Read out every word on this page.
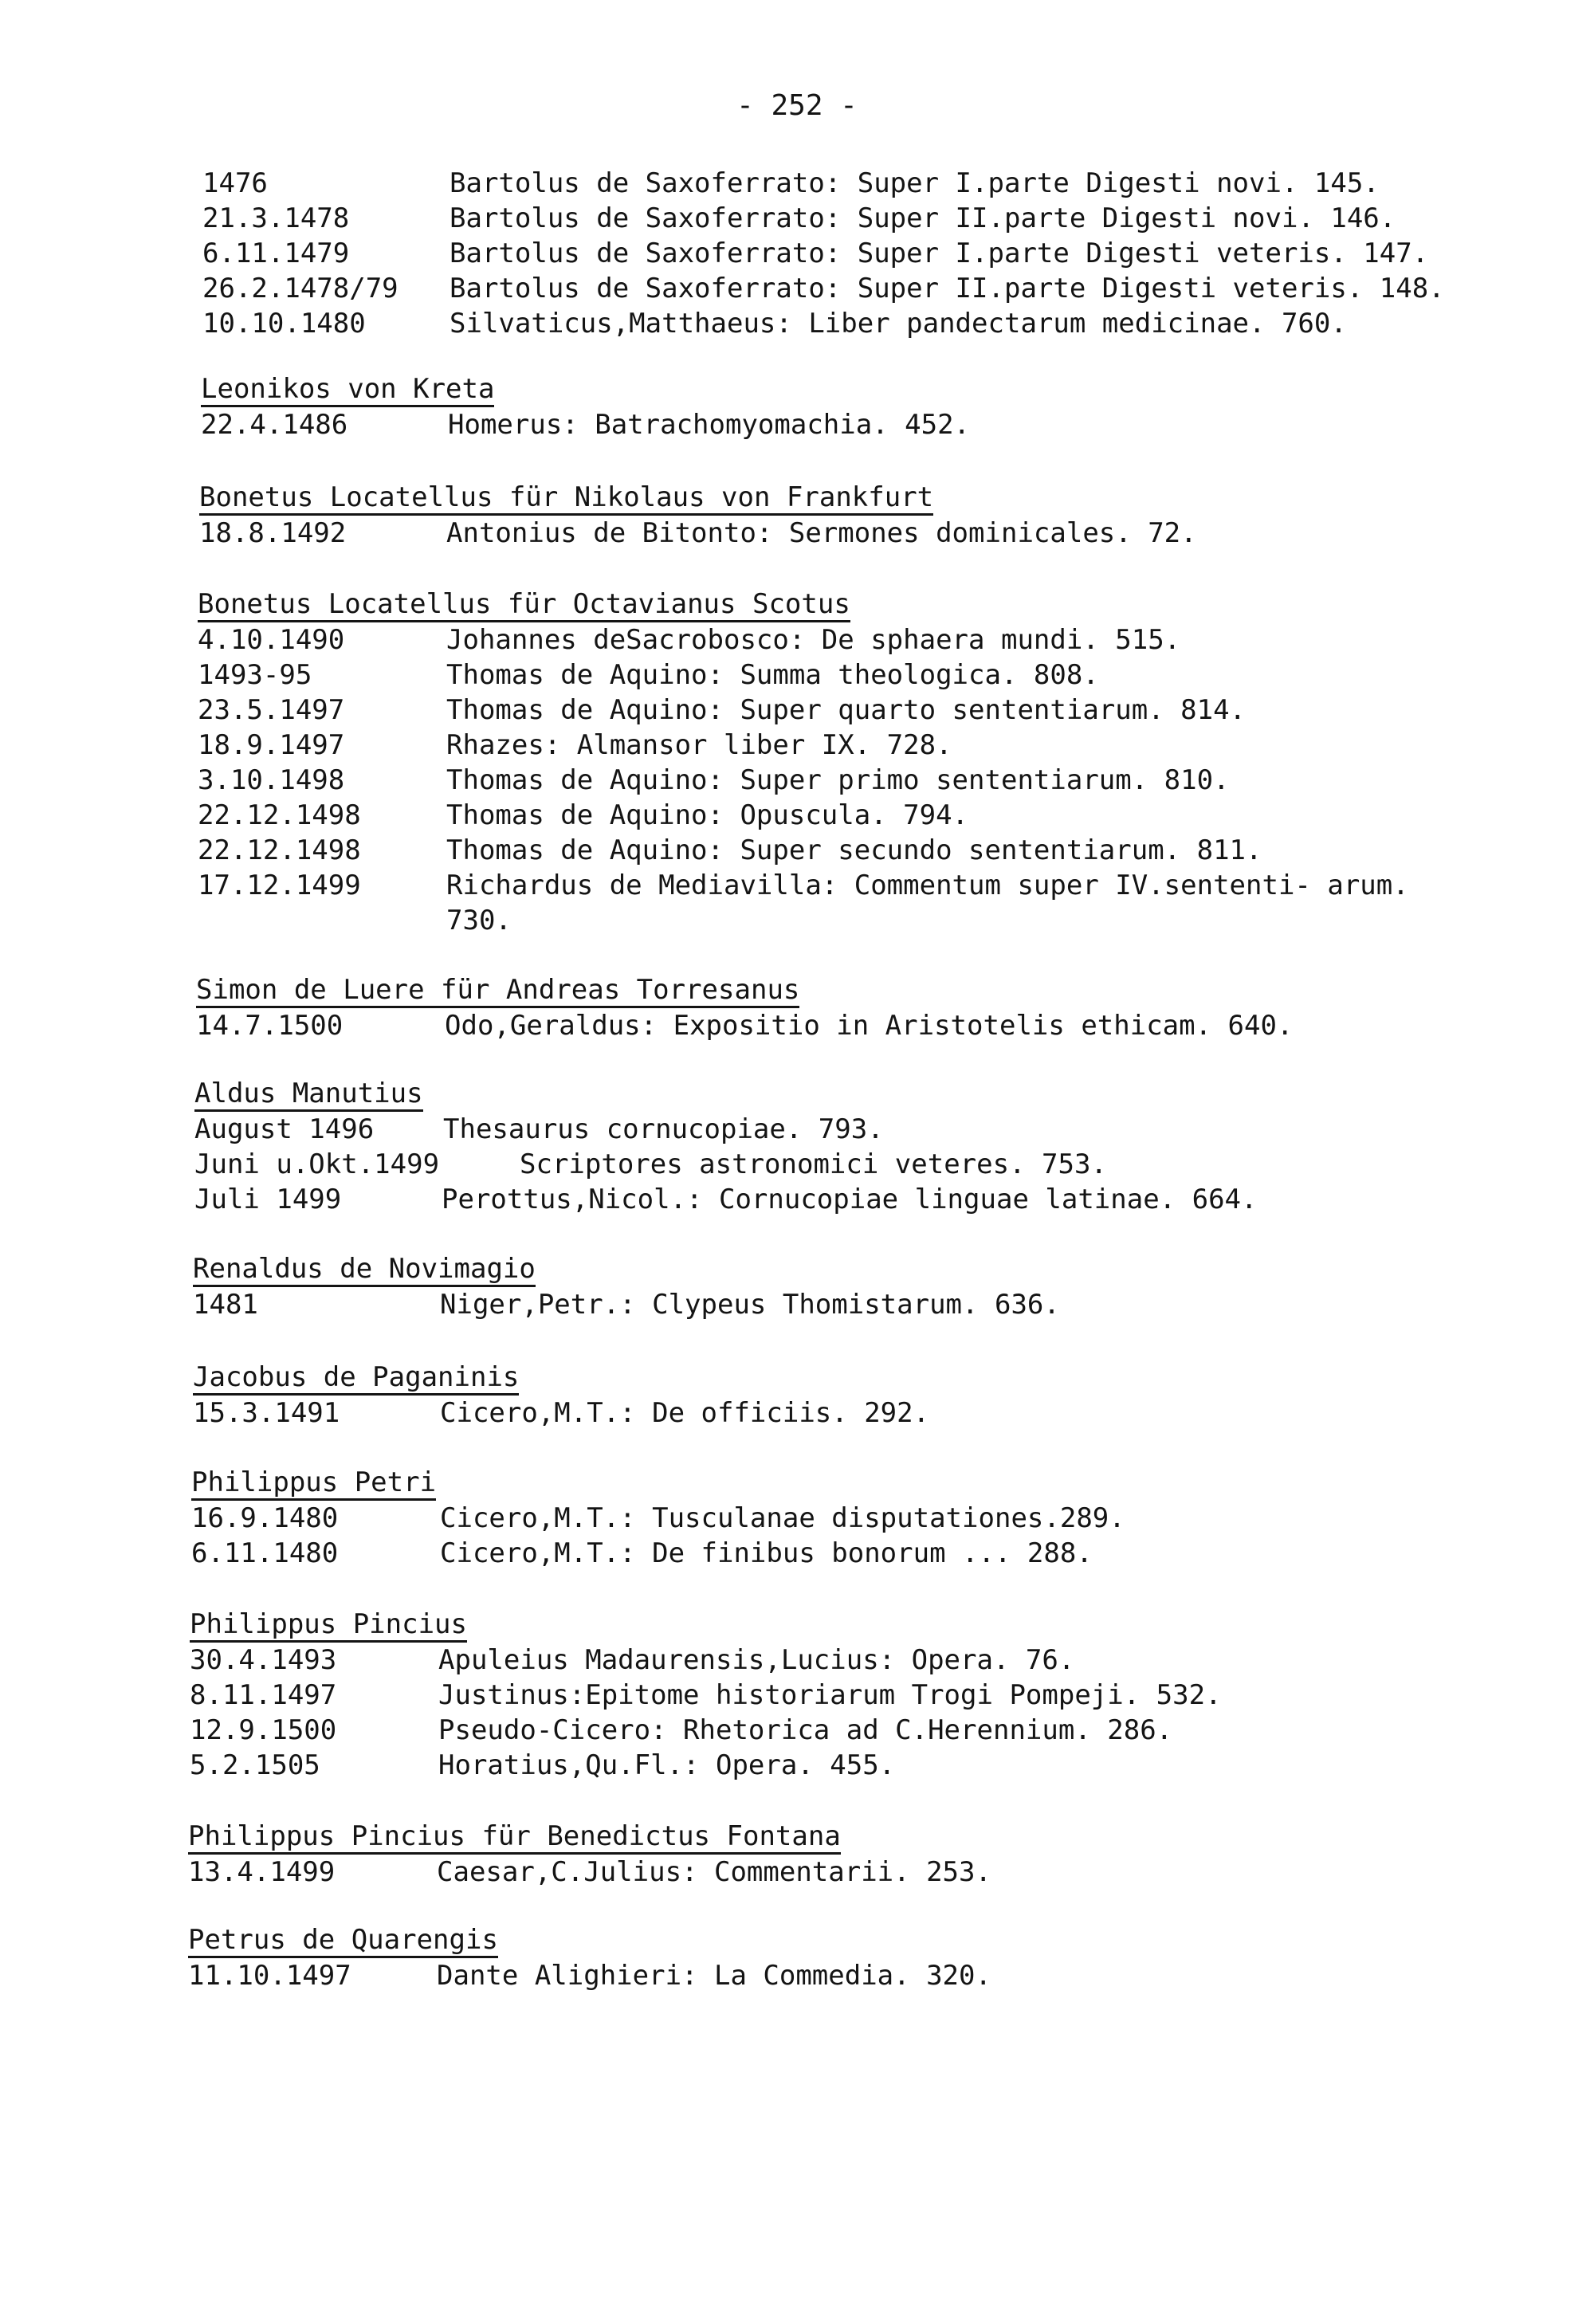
- 252 -
1476	Bartolus de Saxoferrato: Super I.parte Digesti novi. 145.
21.3.1478	Bartolus de Saxoferrato: Super II.parte Digesti novi. 146.
6.11.1479	Bartolus de Saxoferrato: Super I.parte Digesti veteris. 147.
26.2.1478/79	Bartolus de Saxoferrato: Super II.parte Digesti veteris. 148.
10.10.1480	Silvaticus,Matthaeus: Liber pandectarum medicinae. 760.
Leonikos von Kreta
22.4.1486	Homerus: Batrachomyomachia. 452.
Bonetus Locatellus für Nikolaus von Frankfurt
18.8.1492	Antonius de Bitonto: Sermones dominicales. 72.
Bonetus Locatellus für Octavianus Scotus
4.10.1490	Johannes deSacrobosco: De sphaera mundi. 515.
1493-95	Thomas de Aquino: Summa theologica. 808.
23.5.1497	Thomas de Aquino: Super quarto sententiarum. 814.
18.9.1497	Rhazes: Almansor liber IX. 728.
3.10.1498	Thomas de Aquino: Super primo sententiarum. 810.
22.12.1498	Thomas de Aquino: Opuscula. 794.
22.12.1498	Thomas de Aquino: Super secundo sententiarum. 811.
17.12.1499	Richardus de Mediavilla: Commentum super IV.sententi- arum. 730.
Simon de Luere für Andreas Torresanus
14.7.1500	Odo,Geraldus: Expositio in Aristotelis ethicam. 640.
Aldus Manutius
August 1496	Thesaurus cornucopiae. 793.
Juni u.Okt.1499	Scriptores astronomici veteres. 753.
Juli 1499	Perottus,Nicol.: Cornucopiae linguae latinae. 664.
Renaldus de Novimagio
1481	Niger,Petr.: Clypeus Thomistarum. 636.
Jacobus de Paganinis
15.3.1491	Cicero,M.T.: De officiis. 292.
Philippus Petri
16.9.1480	Cicero,M.T.: Tusculanae disputationes.289.
6.11.1480	Cicero,M.T.: De finibus bonorum ... 288.
Philippus Pincius
30.4.1493	Apuleius Madaurensis,Lucius: Opera. 76.
8.11.1497	Justinus:Epitome historiarum Trogi Pompeji. 532.
12.9.1500	Pseudo-Cicero: Rhetorica ad C.Herennium. 286.
5.2.1505	Horatius,Qu.Fl.: Opera. 455.
Philippus Pincius für Benedictus Fontana
13.4.1499	Caesar,C.Julius: Commentarii. 253.
Petrus de Quarengis
11.10.1497	Dante Alighieri: La Commedia. 320.
